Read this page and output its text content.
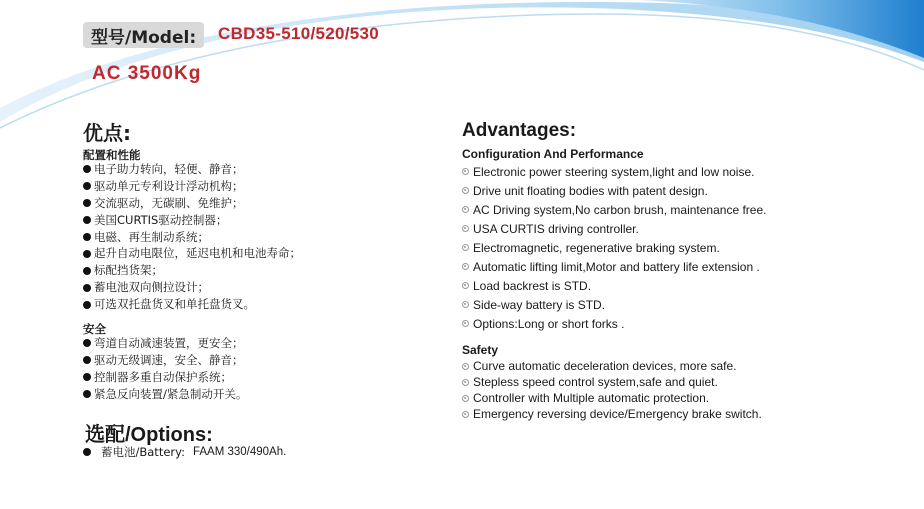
型号/Model:	CBD35-510/520/530
AC 3500Kg
优点:
配置和性能
电子助力转向，轻便、静音；
驱动单元专利设计浮动机构；
交流驱动，无碳刷、免维护；
美国CURTIS驱动控制器；
电磁、再生制动系统；
起升自动电限位，延迟电机和电池寿命；
标配挡货架；
蓄电池双向侧拉设计；
可选双托盘货叉和单托盘货叉。
安全
弯道自动减速装置，更安全；
驱动无级调速，安全、静音；
控制器多重自动保护系统；
紧急反向装置/紧急制动开关。
Advantages:
Configuration And Performance
Electronic power steering system,light and low noise.
Drive unit floating bodies with patent design.
AC Driving system,No carbon brush, maintenance free.
USA CURTIS driving controller.
Electromagnetic, regenerative braking system.
Automatic lifting limit,Motor and battery life extension .
Load backrest is STD.
Side-way battery is STD.
Options:Long or short forks .
Safety
Curve automatic deceleration devices, more safe.
Stepless speed control system,safe and quiet.
Controller with Multiple automatic protection.
Emergency reversing device/Emergency brake switch.
选配/Options:
蓄电池/Battery: FAAM 330/490Ah.
